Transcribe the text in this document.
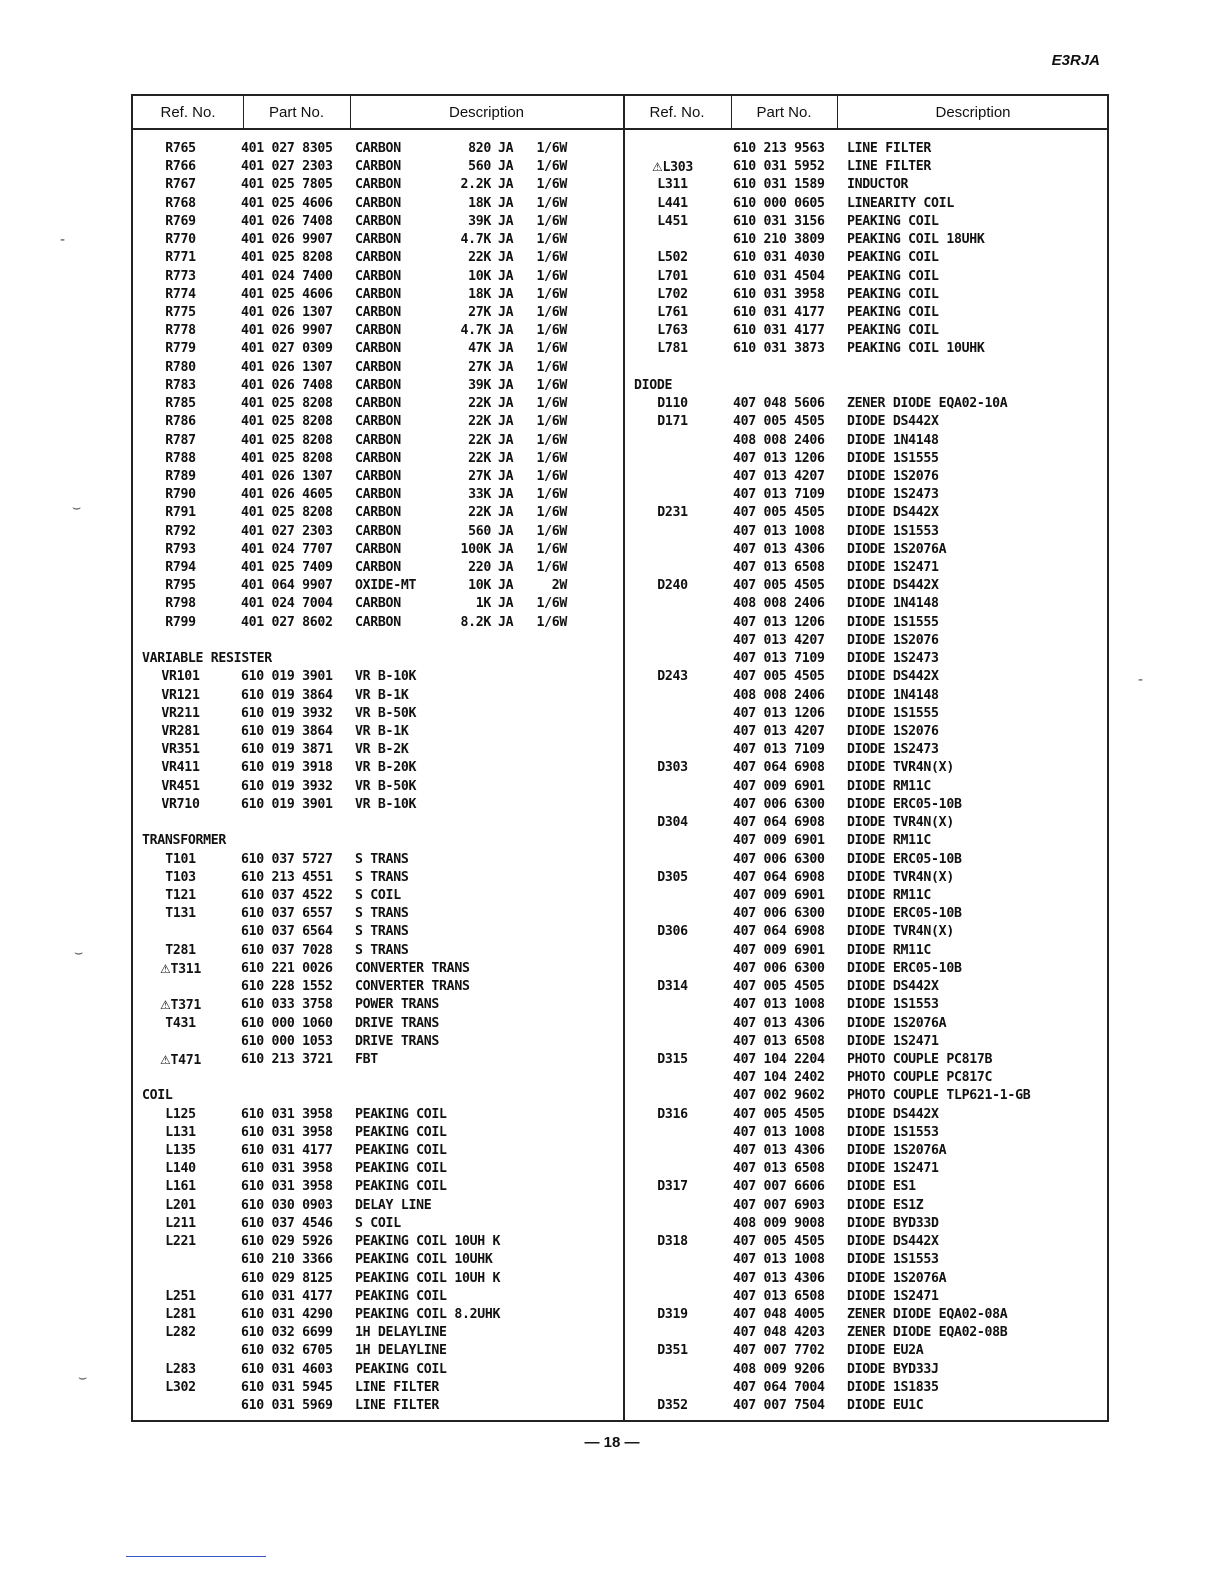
E3RJA
Ref. No.	Part No.	Description	Ref. No.	Part No.	Description
R765	401 027 8305 CARBON	820 JA	1/6W
R766	401 027 2303 CARBON	560 JA	1/6W
R767	401 025 7805 CARBON	2.2K JA	1/6W
R768	401 025 4606 CARBON	18K JA	1/6W
R769	401 026 7408 CARBON	39K JA	1/6W
R770	401 026 9907 CARBON	4.7K JA	1/6W
R771	401 025 8208 CARBON	22K JA	1/6W
R773	401 024 7400 CARBON	10K JA	1/6W
R774	401 025 4606 CARBON	18K JA	1/6W
R775	401 026 1307 CARBON	27K JA	1/6W
R778	401 026 9907 CARBON	4.7K JA	1/6W
R779	401 027 0309 CARBON	47K JA	1/6W
R780	401 026 1307 CARBON	27K JA	1/6W
R783	401 026 7408 CARBON	39K JA	1/6W
R785	401 025 8208 CARBON	22K JA	1/6W
R786	401 025 8208 CARBON	22K JA	1/6W
R787	401 025 8208 CARBON	22K JA	1/6W
R788	401 025 8208 CARBON	22K JA	1/6W
R789	401 026 1307 CARBON	27K JA	1/6W
R790	401 026 4605 CARBON	33K JA	1/6W
R791	401 025 8208 CARBON	22K JA	1/6W
R792	401 027 2303 CARBON	560 JA	1/6W
R793	401 024 7707 CARBON	100K JA	1/6W
R794	401 025 7409 CARBON	220 JA	1/6W
R795	401 064 9907 OXIDE-MT	10K JA	2W
R798	401 024 7004 CARBON	1K JA	1/6W
R799	401 027 8602 CARBON	8.2K JA	1/6W
VARIABLE RESISTER
VR101	610 019 3901 VR B-10K
VR121	610 019 3864 VR B-1K
VR211	610 019 3932 VR B-50K
VR281	610 019 3864 VR B-1K
VR351	610 019 3871 VR B-2K
VR411	610 019 3918 VR B-20K
VR451	610 019 3932 VR B-50K
VR710	610 019 3901 VR B-10K
TRANSFORMER
T101	610 037 5727 S TRANS
T103	610 213 4551 S TRANS
T121	610 037 4522 S COIL
T131	610 037 6557 S TRANS
610 037 6564 S TRANS
T281	610 037 7028 S TRANS
⚠T311	610 221 0026 CONVERTER TRANS
610 228 1552 CONVERTER TRANS
⚠T371	610 033 3758 POWER TRANS
T431	610 000 1060 DRIVE TRANS
610 000 1053 DRIVE TRANS
⚠T471	610 213 3721 FBT
COIL
L125	610 031 3958 PEAKING COIL
L131	610 031 3958 PEAKING COIL
L135	610 031 4177 PEAKING COIL
L140	610 031 3958 PEAKING COIL
L161	610 031 3958 PEAKING COIL
L201	610 030 0903 DELAY LINE
L211	610 037 4546 S COIL
L221	610 029 5926 PEAKING COIL 10UH K
610 210 3366 PEAKING COIL 10UHK
610 029 8125 PEAKING COIL 10UH K
L251	610 031 4177 PEAKING COIL
L281	610 031 4290 PEAKING COIL 8.2UHK
L282	610 032 6699 1H DELAYLINE
610 032 6705 1H DELAYLINE
L283	610 031 4603 PEAKING COIL
L302	610 031 5945 LINE FILTER
610 031 5969 LINE FILTER
610 213 9563 LINE FILTER
⚠L303	610 031 5952 LINE FILTER
L311	610 031 1589 INDUCTOR
L441	610 000 0605 LINEARITY COIL
L451	610 031 3156 PEAKING COIL
610 210 3809 PEAKING COIL 18UHK
L502	610 031 4030 PEAKING COIL
L701	610 031 4504 PEAKING COIL
L702	610 031 3958 PEAKING COIL
L761	610 031 4177 PEAKING COIL
L763	610 031 4177 PEAKING COIL
L781	610 031 3873 PEAKING COIL 10UHK
DIODE
D110	407 048 5606 ZENER DIODE EQA02-10A
D171	407 005 4505 DIODE DS442X
408 008 2406 DIODE 1N4148
407 013 1206 DIODE 1S1555
407 013 4207 DIODE 1S2076
407 013 7109 DIODE 1S2473
D231	407 005 4505 DIODE DS442X
407 013 1008 DIODE 1S1553
407 013 4306 DIODE 1S2076A
407 013 6508 DIODE 1S2471
D240	407 005 4505 DIODE DS442X
408 008 2406 DIODE 1N4148
407 013 1206 DIODE 1S1555
407 013 4207 DIODE 1S2076
407 013 7109 DIODE 1S2473
D243	407 005 4505 DIODE DS442X
408 008 2406 DIODE 1N4148
407 013 1206 DIODE 1S1555
407 013 4207 DIODE 1S2076
407 013 7109 DIODE 1S2473
D303	407 064 6908 DIODE TVR4N(X)
407 009 6901 DIODE RM11C
407 006 6300 DIODE ERC05-10B
D304	407 064 6908 DIODE TVR4N(X)
407 009 6901 DIODE RM11C
407 006 6300 DIODE ERC05-10B
D305	407 064 6908 DIODE TVR4N(X)
407 009 6901 DIODE RM11C
407 006 6300 DIODE ERC05-10B
D306	407 064 6908 DIODE TVR4N(X)
407 009 6901 DIODE RM11C
407 006 6300 DIODE ERC05-10B
D314	407 005 4505 DIODE DS442X
407 013 1008 DIODE 1S1553
407 013 4306 DIODE 1S2076A
407 013 6508 DIODE 1S2471
D315	407 104 2204 PHOTO COUPLE PC817B
407 104 2402 PHOTO COUPLE PC817C
407 002 9602 PHOTO COUPLE TLP621-1-GB
D316	407 005 4505 DIODE DS442X
407 013 1008 DIODE 1S1553
407 013 4306 DIODE 1S2076A
407 013 6508 DIODE 1S2471
D317	407 007 6606 DIODE ES1
407 007 6903 DIODE ES1Z
408 009 9008 DIODE BYD33D
D318	407 005 4505 DIODE DS442X
407 013 1008 DIODE 1S1553
407 013 4306 DIODE 1S2076A
407 013 6508 DIODE 1S2471
D319	407 048 4005 ZENER DIODE EQA02-08A
407 048 4203 ZENER DIODE EQA02-08B
D351	407 007 7702 DIODE EU2A
408 009 9206 DIODE BYD33J
407 064 7004 DIODE 1S1835
D352	407 007 7504 DIODE EU1C
— 18 —
-
⌣
⌣
⌣
-
